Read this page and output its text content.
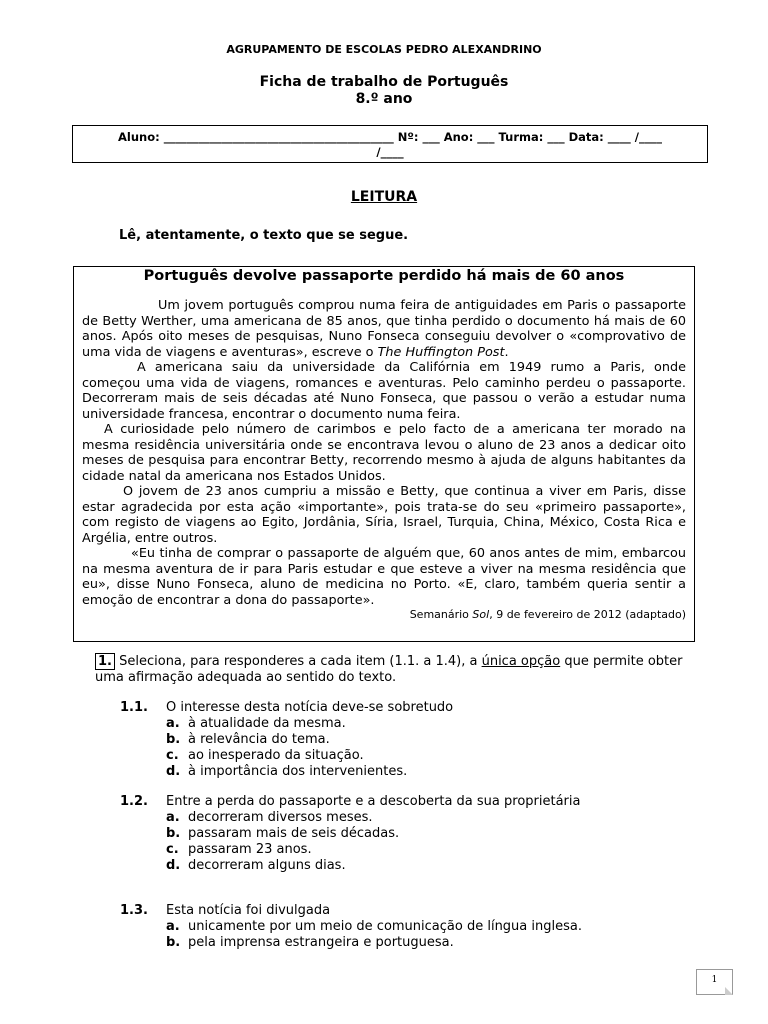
AGRUPAMENTO DE ESCOLAS PEDRO ALEXANDRINO
Ficha de trabalho de Português
8.º ano
Aluno: ________________________________________ Nº: ___ Ano: ___ Turma: ___ Data: ____ /____
/____
LEITURA
Lê, atentamente, o texto que se segue.
Português devolve passaporte perdido há mais de 60 anos

Um jovem português comprou numa feira de antiguidades em Paris o passaporte de Betty Werther, uma americana de 85 anos, que tinha perdido o documento há mais de 60 anos. Após oito meses de pesquisas, Nuno Fonseca conseguiu devolver o «comprovativo de uma vida de viagens e aventuras», escreve o The Huffington Post.

A americana saiu da universidade da Califórnia em 1949 rumo a Paris, onde começou uma vida de viagens, romances e aventuras. Pelo caminho perdeu o passaporte. Decorreram mais de seis décadas até Nuno Fonseca, que passou o verão a estudar numa universidade francesa, encontrar o documento numa feira.

A curiosidade pelo número de carimbos e pelo facto de a americana ter morado na mesma residência universitária onde se encontrava levou o aluno de 23 anos a dedicar oito meses de pesquisa para encontrar Betty, recorrendo mesmo à ajuda de alguns habitantes da cidade natal da americana nos Estados Unidos.

O jovem de 23 anos cumpriu a missão e Betty, que continua a viver em Paris, disse estar agradecida por esta ação «importante», pois trata-se do seu «primeiro passaporte», com registo de viagens ao Egito, Jordânia, Síria, Israel, Turquia, China, México, Costa Rica e Argélia, entre outros.

«Eu tinha de comprar o passaporte de alguém que, 60 anos antes de mim, embarcou na mesma aventura de ir para Paris estudar e que esteve a viver na mesma residência que eu», disse Nuno Fonseca, aluno de medicina no Porto. «E, claro, também queria sentir a emoção de encontrar a dona do passaporte».

Semanário Sol, 9 de fevereiro de 2012 (adaptado)
1. Seleciona, para responderes a cada item (1.1. a 1.4), a única opção que permite obter uma afirmação adequada ao sentido do texto.
1.1. O interesse desta notícia deve-se sobretudo
a. à atualidade da mesma.
b. à relevância do tema.
c. ao inesperado da situação.
d. à importância dos intervenientes.
1.2. Entre a perda do passaporte e a descoberta da sua proprietária
a. decorreram diversos meses.
b. passaram mais de seis décadas.
c. passaram 23 anos.
d. decorreram alguns dias.
1.3. Esta notícia foi divulgada
a. unicamente por um meio de comunicação de língua inglesa.
b. pela imprensa estrangeira e portuguesa.
1
